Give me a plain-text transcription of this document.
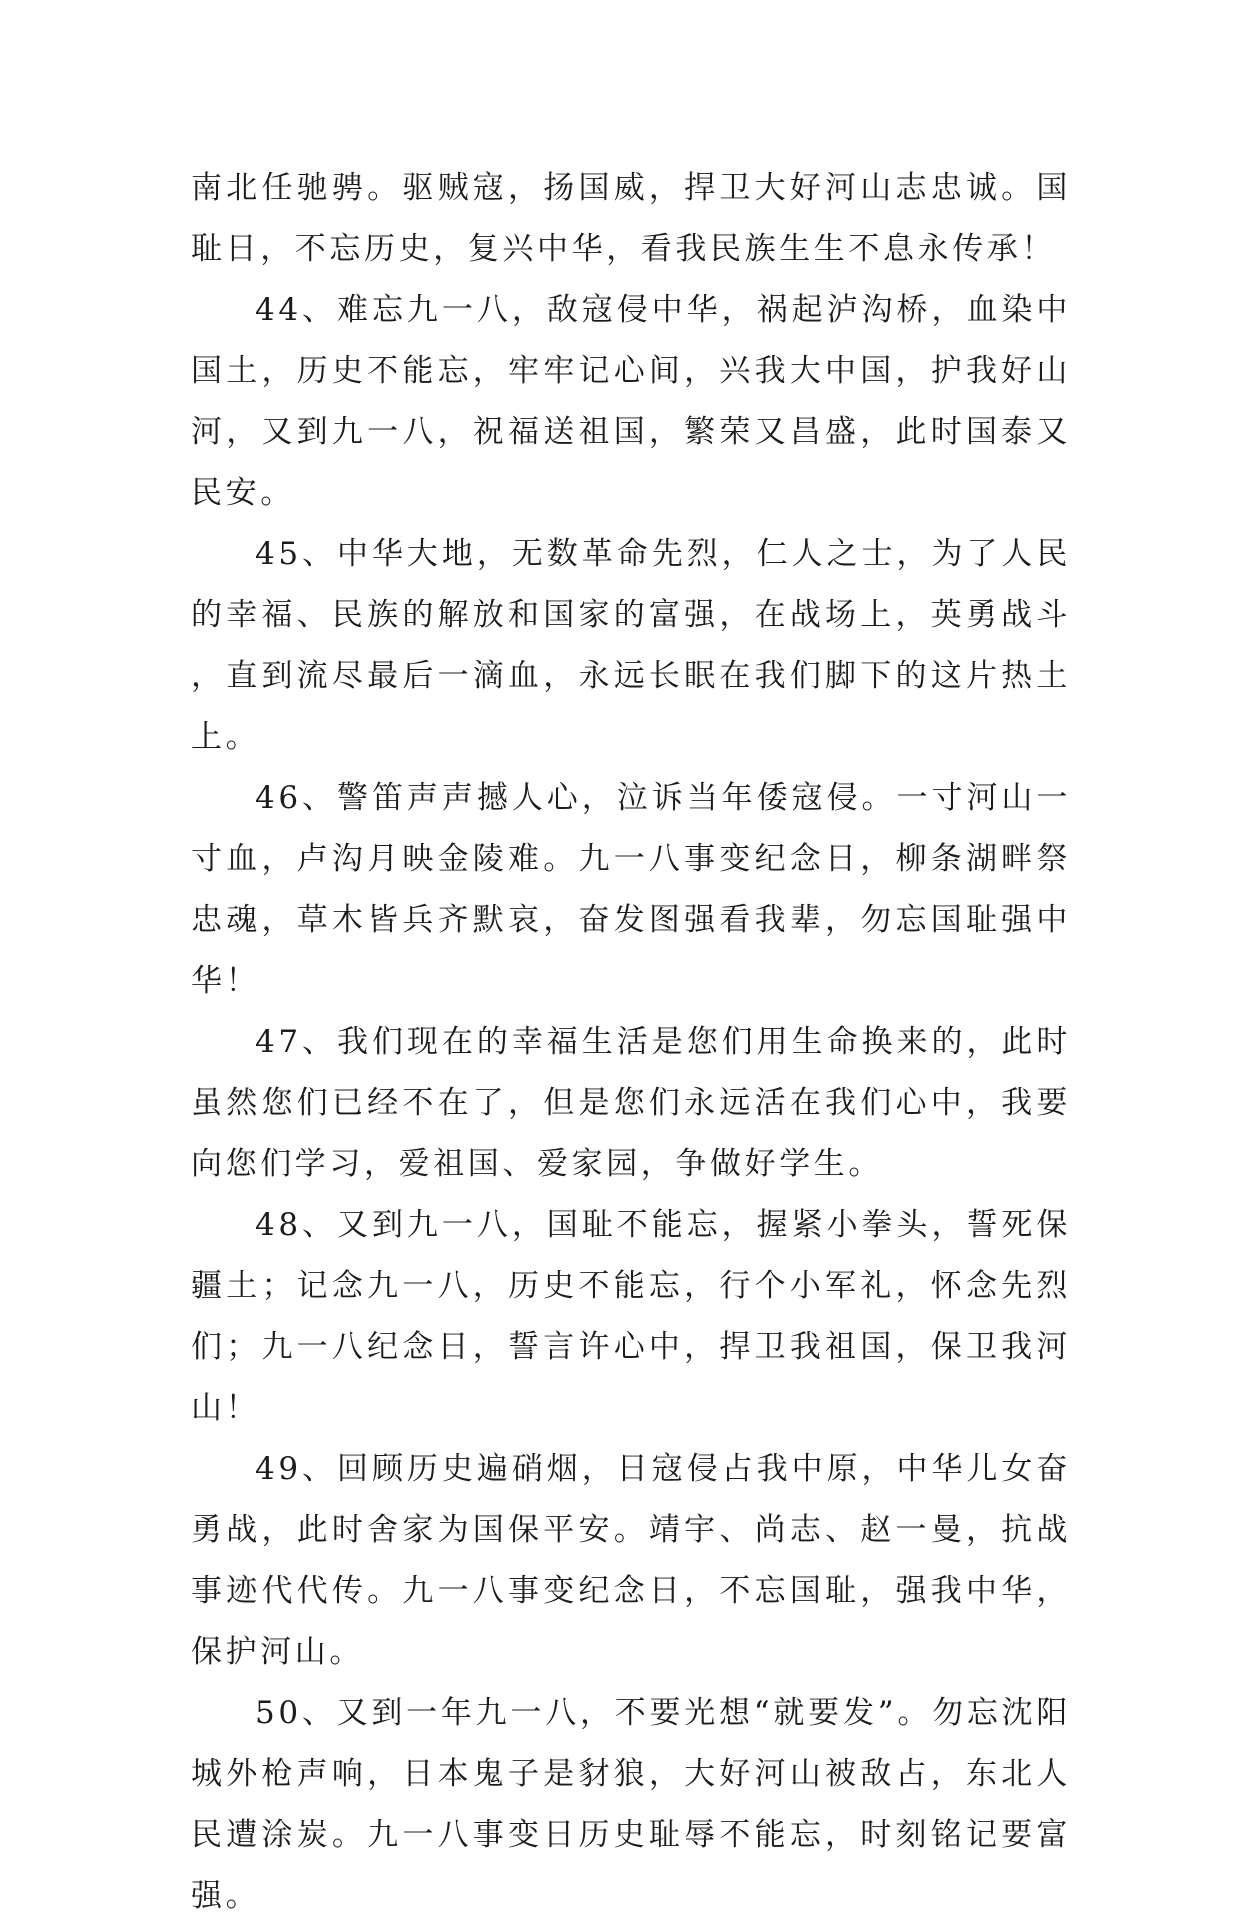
南北任驰骋。驱贼寇，扬国威，捍卫大好河山志忠诚。国耻日，不忘历史，复兴中华，看我民族生生不息永传承！

44、难忘九一八，敌寇侵中华，祸起泸沟桥，血染中国土，历史不能忘，牢牢记心间，兴我大中国，护我好山河，又到九一八，祝福送祖国，繁荣又昌盛，此时国泰又民安。

45、中华大地，无数革命先烈，仁人之士，为了人民的幸福、民族的解放和国家的富强，在战场上，英勇战斗，直到流尽最后一滴血，永远长眠在我们脚下的这片热土上。

46、警笛声声撼人心，泣诉当年倭寇侵。一寸河山一寸血，卢沟月映金陵难。九一八事变纪念日，柳条湖畔祭忠魂，草木皆兵齐默哀，奋发图强看我辈，勿忘国耻强中华！

47、我们现在的幸福生活是您们用生命换来的，此时虽然您们已经不在了，但是您们永远活在我们心中，我要向您们学习，爱祖国、爱家园，争做好学生。

48、又到九一八，国耻不能忘，握紧小拳头，誓死保疆土；记念九一八，历史不能忘，行个小军礼，怀念先烈们；九一八纪念日，誓言许心中，捍卫我祖国，保卫我河山！

49、回顾历史遍硝烟，日寇侵占我中原，中华儿女奋勇战，此时舍家为国保平安。靖宇、尚志、赵一曼，抗战事迹代代传。九一八事变纪念日，不忘国耻，强我中华，保护河山。

50、又到一年九一八，不要光想“就要发”。勿忘沈阳城外枪声响，日本鬼子是豺狼，大好河山被敌占，东北人民遭涂炭。九一八事变日历史耻辱不能忘，时刻铭记要富强。
